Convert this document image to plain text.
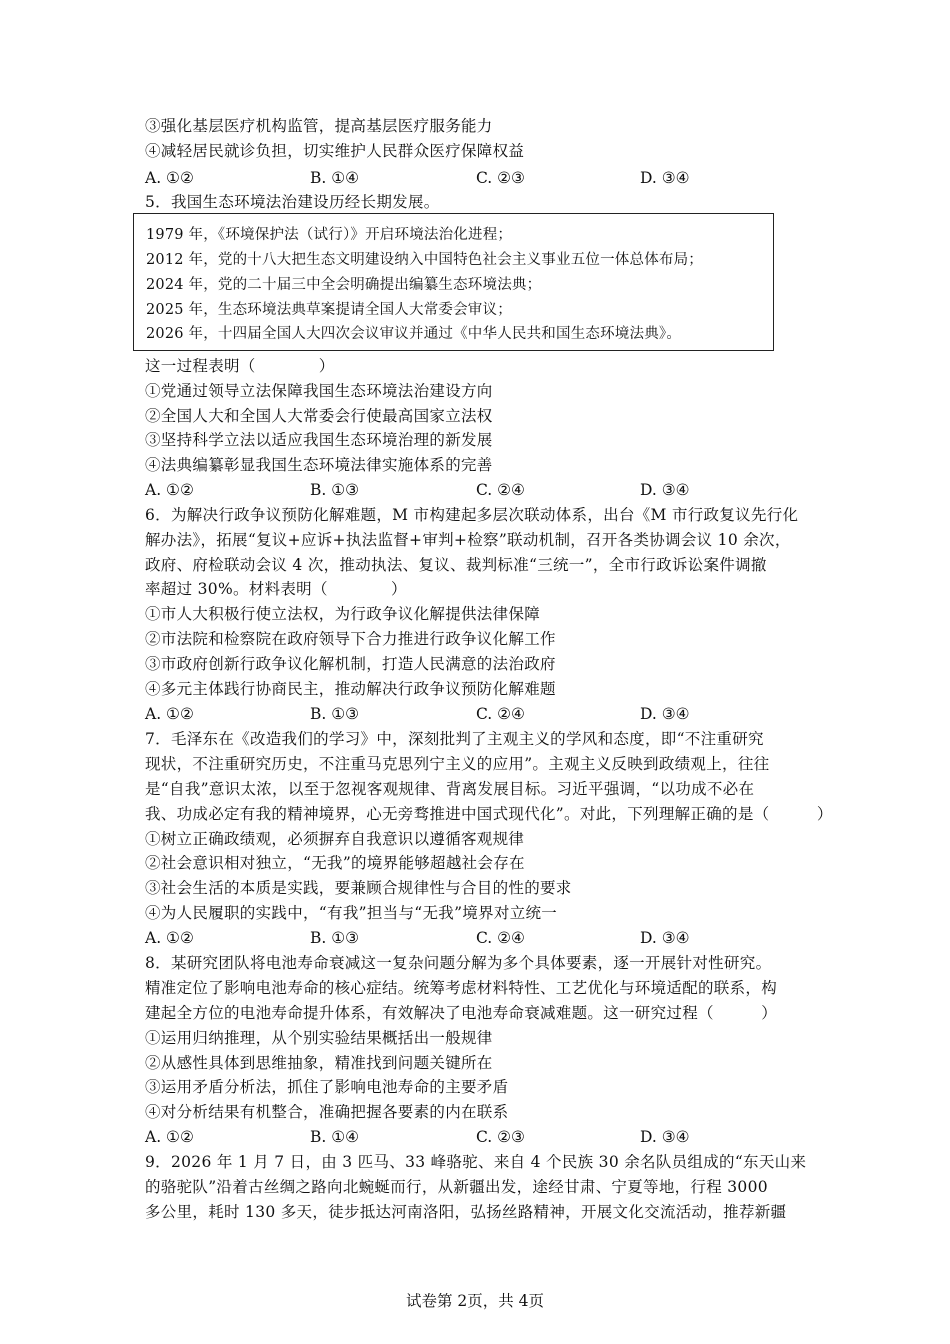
③强化基层医疗机构监管，提高基层医疗服务能力
④减轻居民就诊负担，切实维护人民群众医疗保障权益
A. ①②	B. ①④	C. ②③	D. ③④
5．我国生态环境法治建设历经长期发展。
1979 年，《环境保护法（试行）》开启环境法治化进程；
2012 年，党的十八大把生态文明建设纳入中国特色社会主义事业五位一体总体布局；
2024 年，党的二十届三中全会明确提出编纂生态环境法典；
2025 年，生态环境法典草案提请全国人大常委会审议；
2026 年，十四届全国人大四次会议审议并通过《中华人民共和国生态环境法典》。
这一过程表明（　　　　）
①党通过领导立法保障我国生态环境法治建设方向
②全国人大和全国人大常委会行使最高国家立法权
③坚持科学立法以适应我国生态环境治理的新发展
④法典编纂彰显我国生态环境法律实施体系的完善
A. ①②	B. ①③	C. ②④	D. ③④
6．为解决行政争议预防化解难题，M 市构建起多层次联动体系，出台《M 市行政复议先行化
解办法》，拓展“复议+应诉+执法监督+审判+检察”联动机制，召开各类协调会议 10 余次，
政府、府检联动会议 4 次，推动执法、复议、裁判标准“三统一”，全市行政诉讼案件调撤
率超过 30%。材料表明（　　　　）
①市人大积极行使立法权，为行政争议化解提供法律保障
②市法院和检察院在政府领导下合力推进行政争议化解工作
③市政府创新行政争议化解机制，打造人民满意的法治政府
④多元主体践行协商民主，推动解决行政争议预防化解难题
A. ①②	B. ①③	C. ②④	D. ③④
7．毛泽东在《改造我们的学习》中，深刻批判了主观主义的学风和态度，即“不注重研究
现状，不注重研究历史，不注重马克思列宁主义的应用”。主观主义反映到政绩观上，往往
是“自我”意识太浓，以至于忽视客观规律、背离发展目标。习近平强调，“以功成不必在
我、功成必定有我的精神境界，心无旁骛推进中国式现代化”。对此，下列理解正确的是（　　　）
①树立正确政绩观，必须摒弃自我意识以遵循客观规律
②社会意识相对独立，“无我”的境界能够超越社会存在
③社会生活的本质是实践，要兼顾合规律性与合目的性的要求
④为人民履职的实践中，“有我”担当与“无我”境界对立统一
A. ①②	B. ①③	C. ②④	D. ③④
8．某研究团队将电池寿命衰减这一复杂问题分解为多个具体要素，逐一开展针对性研究。
精准定位了影响电池寿命的核心症结。统筹考虑材料特性、工艺优化与环境适配的联系，构
建起全方位的电池寿命提升体系，有效解决了电池寿命衰减难题。这一研究过程（　　　）
①运用归纳推理，从个别实验结果概括出一般规律
②从感性具体到思维抽象，精准找到问题关键所在
③运用矛盾分析法，抓住了影响电池寿命的主要矛盾
④对分析结果有机整合，准确把握各要素的内在联系
A. ①②	B. ①④	C. ②③	D. ③④
9．2026 年 1 月 7 日，由 3 匹马、33 峰骆驼、来自 4 个民族 30 余名队员组成的“东天山来
的骆驼队”沿着古丝绸之路向北蜿蜒而行，从新疆出发，途经甘肃、宁夏等地，行程 3000
多公里，耗时 130 多天，徒步抵达河南洛阳，弘扬丝路精神，开展文化交流活动，推荐新疆
试卷第 2页，共 4页
